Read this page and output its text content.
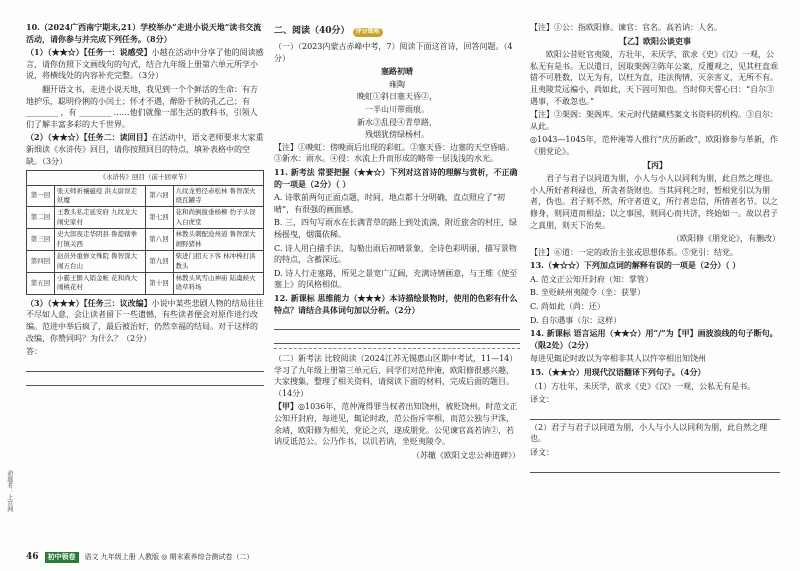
10.（2024广西南宁期末,21）学校举办“走进小说天地”读书交流活动，请你参与并完成下列任务。（8分）

（1）（★★☆）【任务一：说感受】小越在活动中分享了他的阅读感言，请你仿照下文画线句的句式，结合九年级上册第六单元所学小说，将横线处的内容补充完整。（3分）

翻开语文书，走进小说天地，我见到一个个鲜活的生命：有方地护乐，聪明伶俐的小闰土；怀才不遇，醉卧千秋的孔乙己；有 ________ ，有 ________ ……他们就像一部生活的教科书，引领人们了解丰富多彩的大千世界。

（2）（★★☆）【任务二：读回目】在活动中，语文老师要求大家重新细读《水浒传》回目，请你按照回目的特点，填补表格中的空缺。（3分）

《水浒传》回目（前十回章节）			
第一回	张天师祈禳瘟疫 洪太尉误走妖魔	第六回	九纹龙剪径赤松林 鲁智深火烧瓦罐寺
第二回	王教头私走延安府 九纹龙大闹史家村	第七回	花和尚倒拔垂杨柳 豹子头误入白虎堂
第三回	史大郎夜走华阴县 鲁提辖拳打镇关西	第八回	林教头刺配沧州道 鲁智深大闹野猪林
第四回	赵员外重修文殊院 鲁智深大闹五台山	第九回	柴进门招天下客 林冲棒打洪教头
第五回	小霸王醉入销金帐 花和尚大闹桃花村	第十回	林教头风雪山神庙 陆虞候火烧草料场

（3）（★★★）【任务三：议改编】小说中某些悲剧人物的结局往往不尽如人意，会让读者留下一些遗憾，有些读者便会对原作进行改编。范进中举后疯了，最后被治好，仍然幸福的结局。对于这样的改编，你赞同吗？为什么？（2分）

答：

二、阅读（40分） 评分细则

（一）（2023内蒙古赤峰中考，7）阅读下面这首诗，回答问题。（4分）

塞路初晴
雍陶
晚虹①斜日塞天昏②，
一半山川带雨痕。
新水③乱侵④青草路，
残烟犹傍绿杨村。

【注】①晚虹：傍晚雨后出现的彩虹。②塞天昏：边塞的天空昏暗。③新水：雨水。④侵：水流上升而形成的略带一层浅浅的水光。

11. 新考法 常要把握（★★☆）下列对这首诗的理解与赏析，不正确的一项是（2分）（ ）

A. 诗歌前两句正面点题，时间，地点都十分明确，直点照应了“初晴”，有很强的画面感。

B. 三，四句写雨水在长满青草的路上到处流淌，附近旅舍的村庄，绿杨摇曳，烟霭依稀。

C. 诗人用白描手法，勾勒出雨后初晴景象，全诗色彩明丽，描写景物的特点，含蓄深远。

D. 诗人行走塞路，所见之景宽广辽阔，充满诗情画意，与王维《使至塞上》的风格相似。

12. 新课标 思维能力（★★★）本诗描绘景物时，使用的色彩有什么特点？请结合具体词句加以分析。（2分）

（二）新考法 比较阅读（2024江苏无锡惠山区期中考试，11—14）学习了九年级上册第三单元后，同学们对范仲淹，欧阳修很感兴趣，大家搜集，整理了相关资料，请阅读下面的材料，完成后面的题目。（14分）

【甲】◎1036年，范仲淹得罪当权者出知饶州，被贬饶州。时范文正公知开封府，每进见，辄论时政，范公指斥宰相，而范公独与尹洙，余靖，欧阳修为相关，党论之兴，遂成朋党。公见谏官高若讷②，若讷反诋范公。公乃作书，以讥若讷，坐贬夷陵令。

（苏辙《欧阳文忠公神道碑》）

【注】①公：指欧阳修。谏官：官名。高若讷：人名。

【乙】欧阳公谈吏事

欧阳公昔贬官夷陵，方壮年，未厌学，欲求《史》《汉》一观，公私无有是书。无以遣日，因取架阁②陈年公案，反覆观之，见其枉直乖错不可胜数，以无为有，以枉为直，违法徇情，灭亲害义，无所不有。且夷陵荒远褊小，尚如此，天下固可知也。当时仰天誓心曰：“自尔③遇事，不敢忽也。”

【注】②架阁：架阁库。宋元时代储藏档案文书资料的机构。③自尔：从此。

◎1043—1045年，范仲淹等人推行“庆历新政”，欧阳修参与革新，作《朋党论》。

【丙】

君子与君子以同道为朋，小人与小人以同利为朋，此自然之理也。小人所好者利禄也，所贪者货财也。当其同利之时，暂相党引以为朋者，伪也。君子则不然，所守者道义，所行者忠信，所惜者名节。以之修身，则同道而相益；以之事国，则同心而共济，终始如一。故以君子之真朋，则天下治矣。

（欧阳修《朋党论》，有删改）

【注】⑥道：一定的政治主张或思想体系。⑤党引：结党。

13.（★☆☆）下列加点词的解释有误的一项是（2分）（ ）

A. 范文正公知开封府（知：掌管）

B. 坐贬峡州夷陵令（坐：获罪）

C. 尚如此（尚：还）

D. 自尔遇事（尔：这样）

14. 新课标 语言运用（★★☆）用“/”为【甲】画波浪线的句子断句。（限2处）（2分）

每进见辄论时政以为宰相非其人以忤宰相出知饶州

15.（★★☆）用现代汉语翻译下列句子。（4分）

（1）方壮年，未厌学，欲求《史》《汉》一观，公私无有是书。

译文：

（2）君子与君子以同道为朋，小人与小人以同利为朋，此自然之理也。

译文：

命题者：上官网
46	初中领卷	语文 九年级上册 人教版 ◎ 期末素养综合测试卷（二）
